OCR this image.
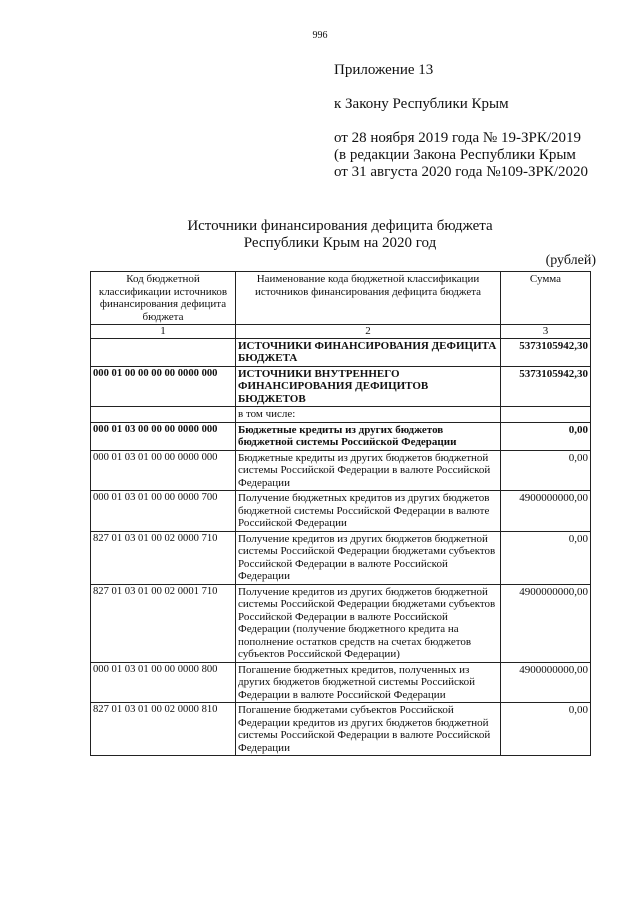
996
Приложение 13
к Закону Республики Крым
от 28 ноября 2019 года № 19-ЗРК/2019
(в редакции Закона Республики Крым
от 31 августа 2020 года №109-ЗРК/2020
Источники финансирования дефицита бюджета
Республики Крым на 2020 год
(рублей)
Код бюджетной классификации источников финансирования дефицита бюджета	Наименование кода бюджетной классификации источников финансирования дефицита бюджета	Сумма
1	2	3
	ИСТОЧНИКИ ФИНАНСИРОВАНИЯ ДЕФИЦИТА БЮДЖЕТА	5373105942,30
000 01 00 00 00 00 0000 000	ИСТОЧНИКИ ВНУТРЕННЕГО ФИНАНСИРОВАНИЯ ДЕФИЦИТОВ БЮДЖЕТОВ	5373105942,30
	в том числе:	
000 01 03 00 00 00 0000 000	Бюджетные кредиты из других бюджетов бюджетной системы Российской Федерации	0,00
000 01 03 01 00 00 0000 000	Бюджетные кредиты из других бюджетов бюджетной системы Российской Федерации в валюте Российской Федерации	0,00
000 01 03 01 00 00 0000 700	Получение бюджетных кредитов из других бюджетов бюджетной системы Российской Федерации в валюте Российской Федерации	4900000000,00
827 01 03 01 00 02 0000 710	Получение кредитов из других бюджетов бюджетной системы Российской Федерации бюджетами субъектов Российской Федерации в валюте Российской Федерации	0,00
827 01 03 01 00 02 0001 710	Получение кредитов из других бюджетов бюджетной системы Российской Федерации бюджетами субъектов Российской Федерации в валюте Российской Федерации (получение бюджетного кредита на пополнение остатков средств на счетах бюджетов субъектов Российской Федерации)	4900000000,00
000 01 03 01 00 00 0000 800	Погашение бюджетных кредитов, полученных из других бюджетов бюджетной системы Российской Федерации в валюте Российской Федерации	4900000000,00
827 01 03 01 00 02 0000 810	Погашение бюджетами субъектов Российской Федерации кредитов из других бюджетов бюджетной системы Российской Федерации в валюте Российской Федерации	0,00
